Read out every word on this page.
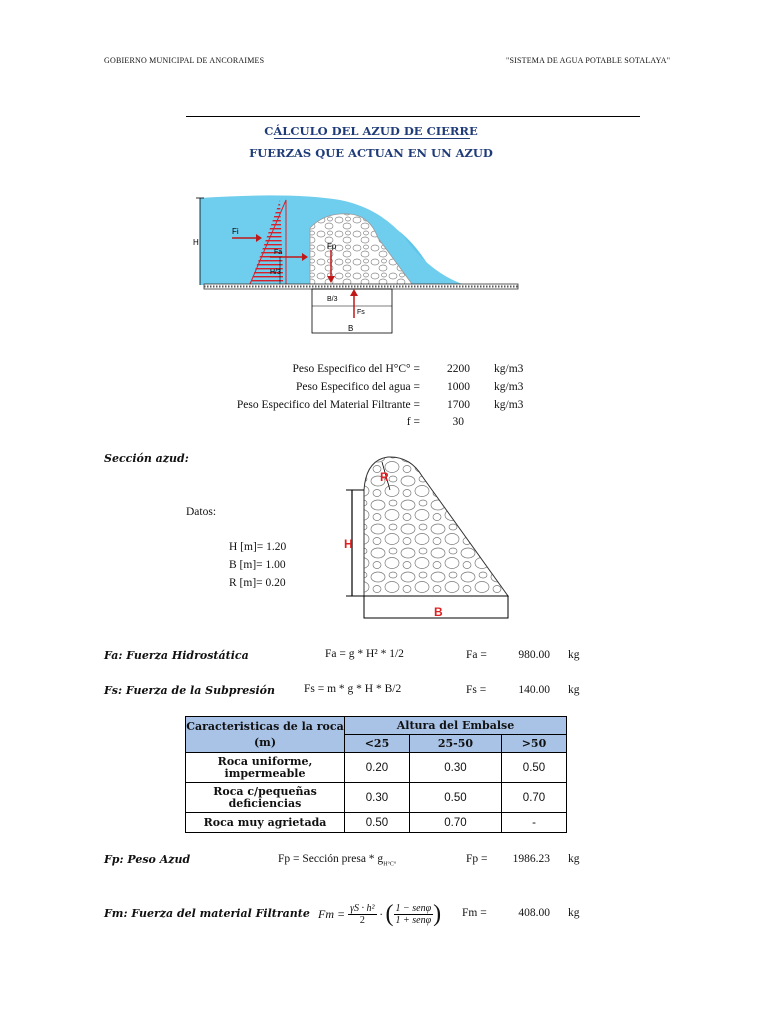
GOBIERNO MUNICIPAL DE ANCORAIMES	"SISTEMA DE AGUA POTABLE SOTALAYA"
CÁLCULO DEL AZUD DE CIERRE
FUERZAS QUE ACTUAN EN UN AZUD
H
Fi
Fa
H/3
Fp
B/3
Fs
B
Peso Especifico del H°C° =	2200 kg/m3
Peso Especifico del agua =	1000 kg/m3
Peso Especifico del Material Filtrante =	1700 kg/m3
f =	30
Sección azud:
Datos:
H [m]= 1.20
B [m]= 1.00
R [m]= 0.20
R
H
B
Fa: Fuerza Hidrostática	Fa = g * H² * 1/2	Fa =	980.00 kg
Fs: Fuerza de la Subpresión	Fs = m * g * H * B/2	Fs =	140.00 kg
Caracteristicas de la roca (m)	Altura del Embalse		
	<25	25-50	>50
Roca uniforme, impermeable	0.20	0.30	0.50
Roca c/pequeñas deficiencias	0.30	0.50	0.70
Roca muy agrietada	0.50	0.70	-
Fp: Peso Azud	Fp = Sección presa * $g_{H^\circ C^\circ}$	Fp =	1986.23 kg
Fm: Fuerza del material Filtrante $Fm = \frac{\text{γS · h²}}{2}$ · ( $\frac{\text{1 − senφ}}{\text{1 + senφ}}$ ) Fm =	408.00 kg
